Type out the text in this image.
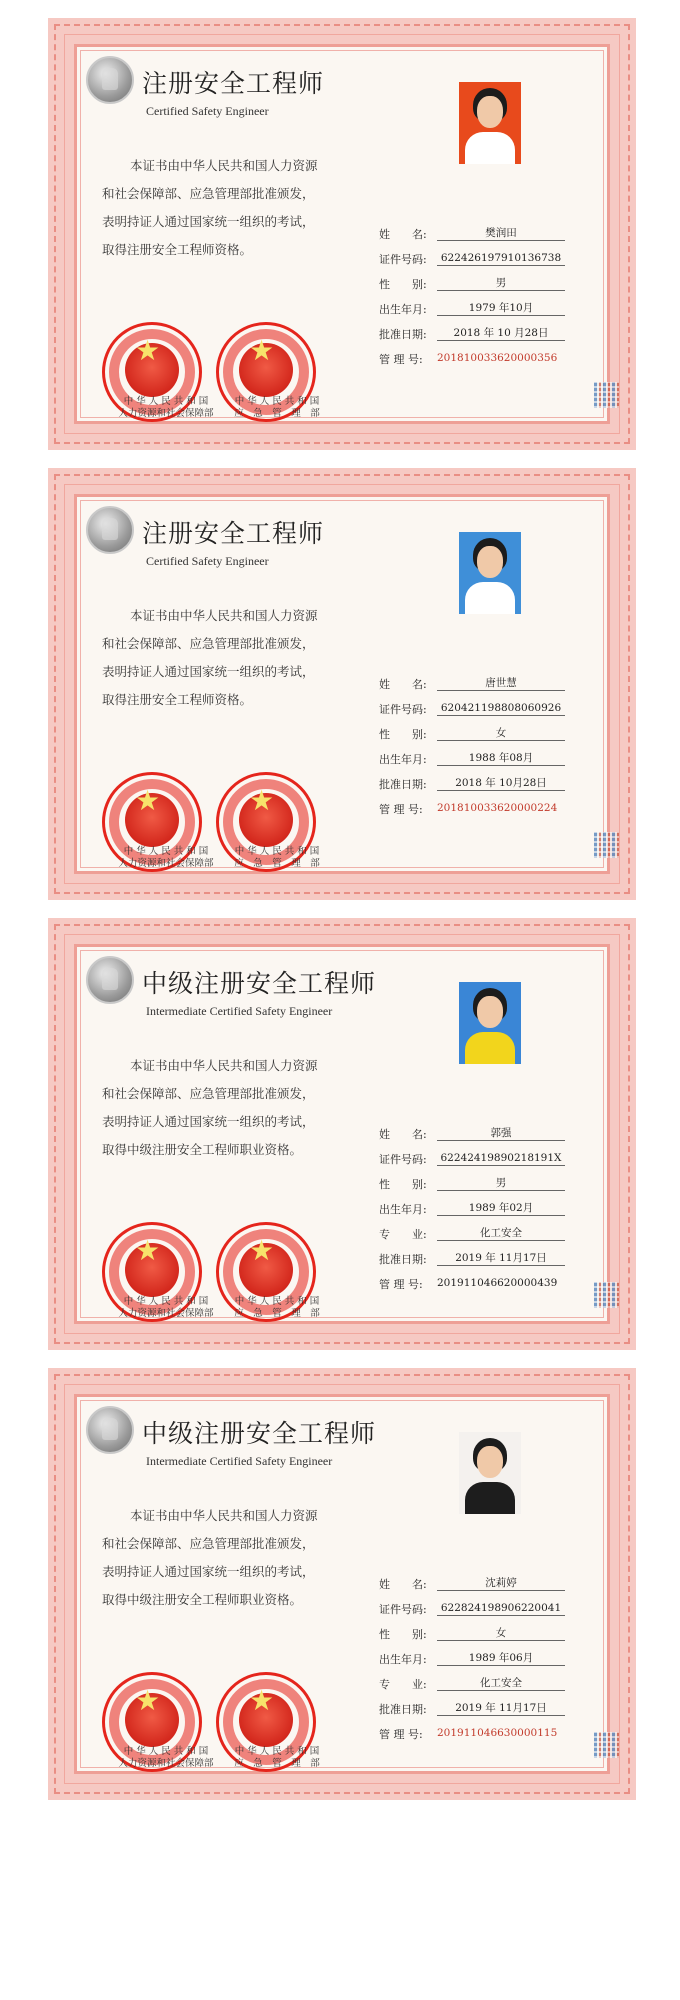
注册安全工程师
Certified Safety Engineer
本证书由中华人民共和国人力资源
和社会保障部、应急管理部批准颁发，
表明持证人通过国家统一组织的考试，
取得注册安全工程师资格。
姓　　名:	樊润田
证件号码:	622426197910136738
性　　别:	男
出生年月:	1979 年10月
批准日期:	2018 年 10 月28日
管 理 号: 201810033620000356
★	★
中 华 人 民 共 和 国
人力资源和社会保障部
中 华 人 民 共 和 国
应　急　管　理　部
注册安全工程师
Certified Safety Engineer
本证书由中华人民共和国人力资源
和社会保障部、应急管理部批准颁发，
表明持证人通过国家统一组织的考试，
取得注册安全工程师资格。
姓　　名:	唐世慧
证件号码:	620421198808060926
性　　别:	女
出生年月:	1988 年08月
批准日期:	2018 年 10月28日
管 理 号: 201810033620000224
★	★
中 华 人 民 共 和 国
人力资源和社会保障部
中 华 人 民 共 和 国
应　急　管　理　部
中级注册安全工程师
Intermediate Certified Safety Engineer
本证书由中华人民共和国人力资源
和社会保障部、应急管理部批准颁发，
表明持证人通过国家统一组织的考试，
取得中级注册安全工程师职业资格。
姓　　名:	郭强
证件号码:	62242419890218191X
性　　别:	男
出生年月:	1989 年02月
专　　业:	化工安全
批准日期:	2019 年 11月17日
管 理 号: 201911046620000439
★	★
中 华 人 民 共 和 国
人力资源和社会保障部
中 华 人 民 共 和 国
应　急　管　理　部
中级注册安全工程师
Intermediate Certified Safety Engineer
本证书由中华人民共和国人力资源
和社会保障部、应急管理部批准颁发，
表明持证人通过国家统一组织的考试，
取得中级注册安全工程师职业资格。
姓　　名:	沈莉婷
证件号码:	622824198906220041
性　　别:	女
出生年月:	1989 年06月
专　　业:	化工安全
批准日期:	2019 年 11月17日
管 理 号: 201911046630000115
★	★
中 华 人 民 共 和 国
人力资源和社会保障部
中 华 人 民 共 和 国
应　急　管　理　部
